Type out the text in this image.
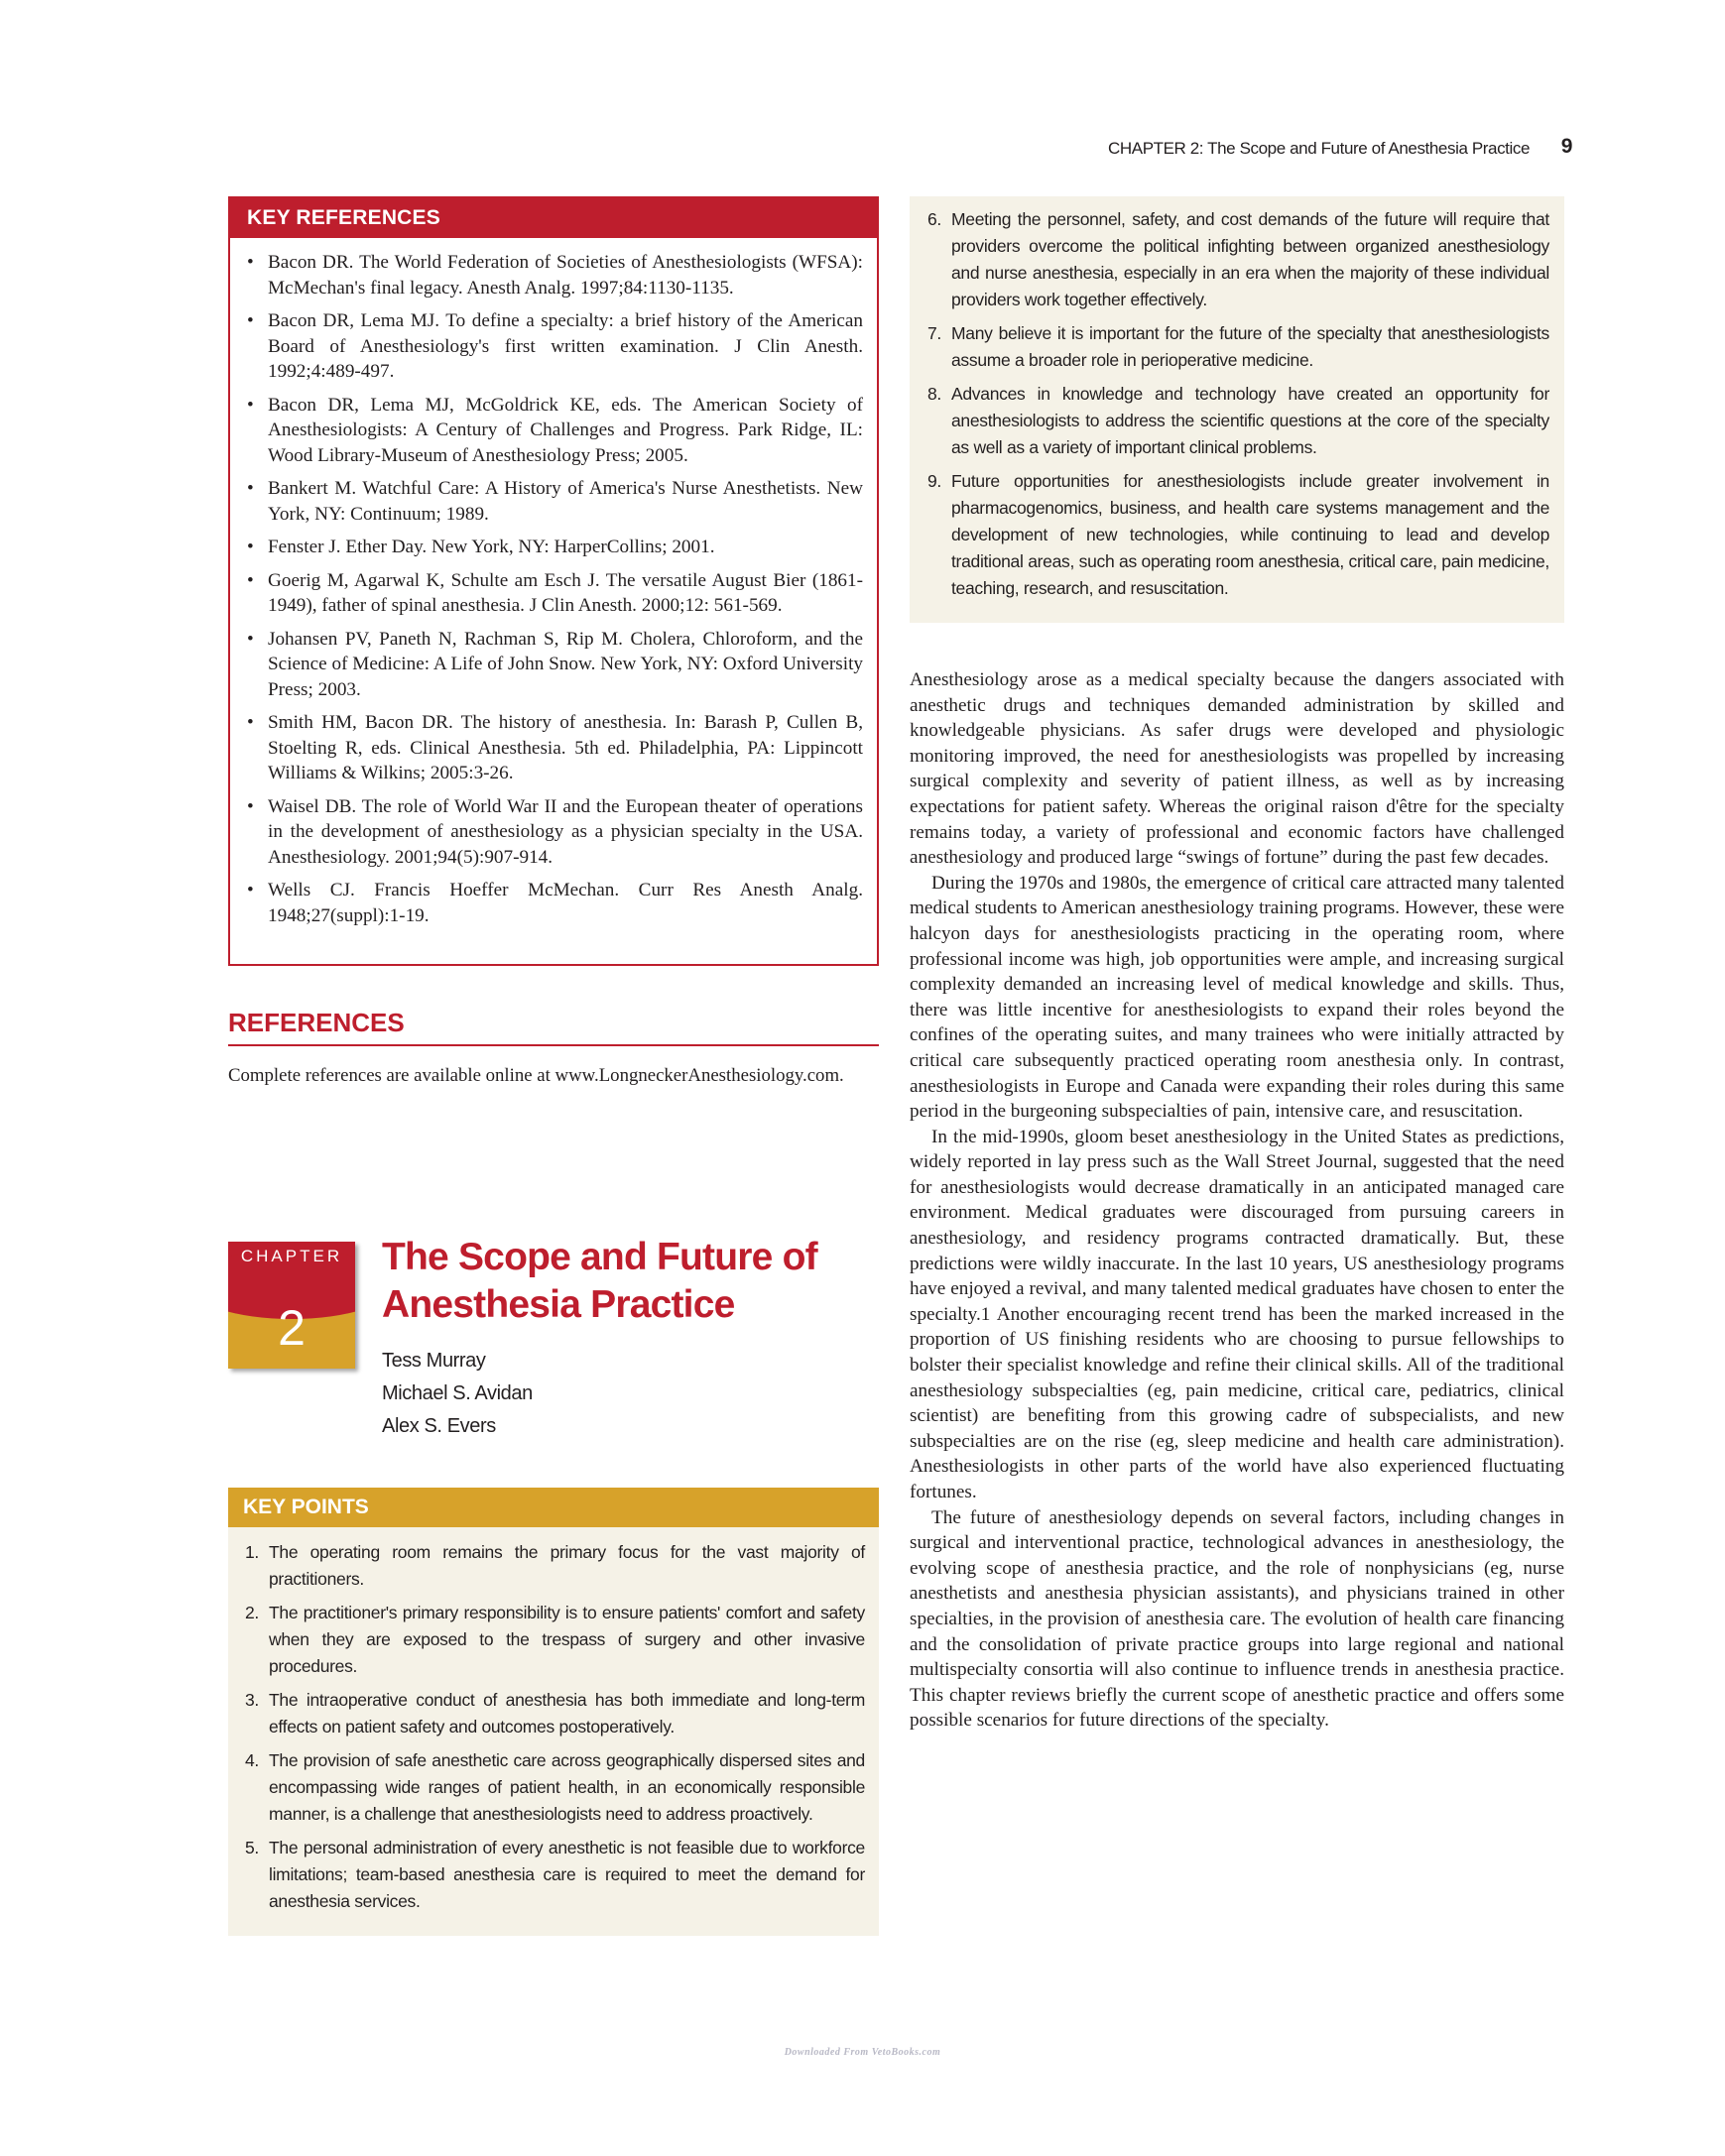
CHAPTER 2: The Scope and Future of Anesthesia Practice 9
KEY REFERENCES
• Bacon DR. The World Federation of Societies of Anesthesiologists (WFSA): McMechan's final legacy. Anesth Analg. 1997;84:1130-1135.
• Bacon DR, Lema MJ. To define a specialty: a brief history of the American Board of Anesthesiology's first written examination. J Clin Anesth. 1992;4:489-497.
• Bacon DR, Lema MJ, McGoldrick KE, eds. The American Society of Anesthesiologists: A Century of Challenges and Progress. Park Ridge, IL: Wood Library-Museum of Anesthesiology Press; 2005.
• Bankert M. Watchful Care: A History of America's Nurse Anesthetists. New York, NY: Continuum; 1989.
• Fenster J. Ether Day. New York, NY: HarperCollins; 2001.
• Goerig M, Agarwal K, Schulte am Esch J. The versatile August Bier (1861-1949), father of spinal anesthesia. J Clin Anesth. 2000;12: 561-569.
• Johansen PV, Paneth N, Rachman S, Rip M. Cholera, Chloroform, and the Science of Medicine: A Life of John Snow. New York, NY: Oxford University Press; 2003.
• Smith HM, Bacon DR. The history of anesthesia. In: Barash P, Cullen B, Stoelting R, eds. Clinical Anesthesia. 5th ed. Philadelphia, PA: Lippincott Williams & Wilkins; 2005:3-26.
• Waisel DB. The role of World War II and the European theater of operations in the development of anesthesiology as a physician specialty in the USA. Anesthesiology. 2001;94(5):907-914.
• Wells CJ. Francis Hoeffer McMechan. Curr Res Anesth Analg. 1948;27(suppl):1-19.
REFERENCES
Complete references are available online at www.LongneckerAnesthesiology.com.
CHAPTER
2
The Scope and Future of
Anesthesia Practice
Tess Murray
Michael S. Avidan
Alex S. Evers
KEY POINTS
1. The operating room remains the primary focus for the vast majority of practitioners.
2. The practitioner's primary responsibility is to ensure patients' comfort and safety when they are exposed to the trespass of surgery and other invasive procedures.
3. The intraoperative conduct of anesthesia has both immediate and long-term effects on patient safety and outcomes postoperatively.
4. The provision of safe anesthetic care across geographically dispersed sites and encompassing wide ranges of patient health, in an economically responsible manner, is a challenge that anesthesiologists need to address proactively.
5. The personal administration of every anesthetic is not feasible due to workforce limitations; team-based anesthesia care is required to meet the demand for anesthesia services.
6. Meeting the personnel, safety, and cost demands of the future will require that providers overcome the political infighting between organized anesthesiology and nurse anesthesia, especially in an era when the majority of these individual providers work together effectively.
7. Many believe it is important for the future of the specialty that anesthesiologists assume a broader role in perioperative medicine.
8. Advances in knowledge and technology have created an opportunity for anesthesiologists to address the scientific questions at the core of the specialty as well as a variety of important clinical problems.
9. Future opportunities for anesthesiologists include greater involvement in pharmacogenomics, business, and health care systems management and the development of new technologies, while continuing to lead and develop traditional areas, such as operating room anesthesia, critical care, pain medicine, teaching, research, and resuscitation.

Anesthesiology arose as a medical specialty because the dangers associated with anesthetic drugs and techniques demanded administration by skilled and knowledgeable physicians. As safer drugs were developed and physiologic monitoring improved, the need for anesthesiologists was propelled by increasing surgical complexity and severity of patient illness, as well as by increasing expectations for patient safety. Whereas the original raison d'être for the specialty remains today, a variety of professional and economic factors have challenged anesthesiology and produced large “swings of fortune” during the past few decades.

During the 1970s and 1980s, the emergence of critical care attracted many talented medical students to American anesthesiology training programs. However, these were halcyon days for anesthesiologists practicing in the operating room, where professional income was high, job opportunities were ample, and increasing surgical complexity demanded an increasing level of medical knowledge and skills. Thus, there was little incentive for anesthesiologists to expand their roles beyond the confines of the operating suites, and many trainees who were initially attracted by critical care subsequently practiced operating room anesthesia only. In contrast, anesthesiologists in Europe and Canada were expanding their roles during this same period in the burgeoning subspecialties of pain, intensive care, and resuscitation.

In the mid-1990s, gloom beset anesthesiology in the United States as predictions, widely reported in lay press such as the Wall Street Journal, suggested that the need for anesthesiologists would decrease dramatically in an anticipated managed care environment. Medical graduates were discouraged from pursuing careers in anesthesiology, and residency programs contracted dramatically. But, these predictions were wildly inaccurate. In the last 10 years, US anesthesiology programs have enjoyed a revival, and many talented medical graduates have chosen to enter the specialty.1 Another encouraging recent trend has been the marked increased in the proportion of US finishing residents who are choosing to pursue fellowships to bolster their specialist knowledge and refine their clinical skills. All of the traditional anesthesiology subspecialties (eg, pain medicine, critical care, pediatrics, clinical scientist) are benefiting from this growing cadre of subspecialists, and new subspecialties are on the rise (eg, sleep medicine and health care administration). Anesthesiologists in other parts of the world have also experienced fluctuating fortunes.

The future of anesthesiology depends on several factors, including changes in surgical and interventional practice, technological advances in anesthesiology, the evolving scope of anesthesia practice, and the role of nonphysicians (eg, nurse anesthetists and anesthesia physician assistants), and physicians trained in other specialties, in the provision of anesthesia care. The evolution of health care financing and the consolidation of private practice groups into large regional and national multispecialty consortia will also continue to influence trends in anesthesia practice. This chapter reviews briefly the current scope of anesthetic practice and offers some possible scenarios for future directions of the specialty.

Downloaded From VetoBooks.com
